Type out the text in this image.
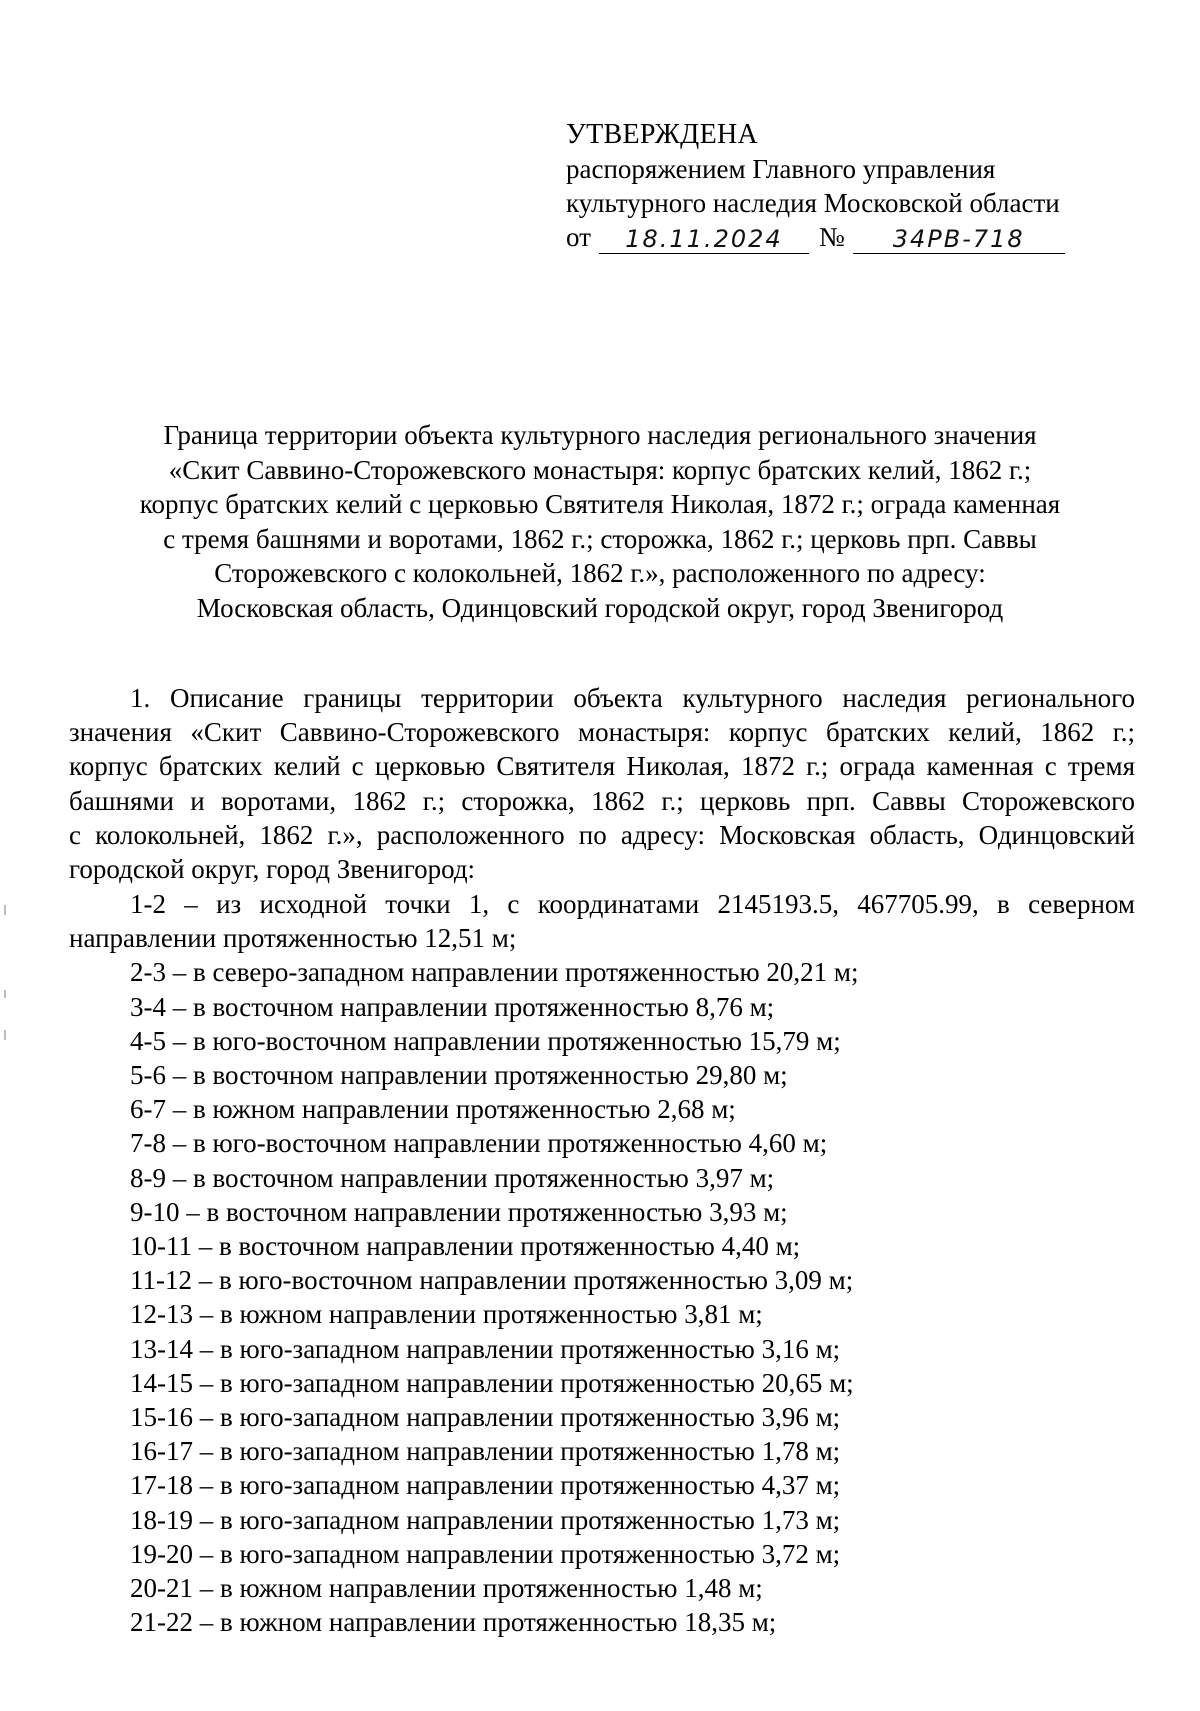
УТВЕРЖДЕНА
распоряжением Главного управления
культурного наследия Московской области
от	18.11.2024	№	34РВ-718
Граница территории объекта культурного наследия регионального значения
«Скит Саввино-Сторожевского монастыря: корпус братских келий, 1862 г.;
корпус братских келий с церковью Святителя Николая, 1872 г.; ограда каменная
с тремя башнями и воротами, 1862 г.; сторожка, 1862 г.; церковь прп. Саввы
Сторожевского с колокольней, 1862 г.», расположенного по адресу:
Московская область, Одинцовский городской округ, город Звенигород
1. Описание границы территории объекта культурного наследия регионального
значения «Скит Саввино-Сторожевского монастыря: корпус братских келий, 1862 г.;
корпус братских келий с церковью Святителя Николая, 1872 г.; ограда каменная с тремя
башнями и воротами, 1862 г.; сторожка, 1862 г.; церковь прп. Саввы Сторожевского
с колокольней, 1862 г.», расположенного по адресу: Московская область, Одинцовский
городской округ, город Звенигород:
1-2 – из исходной точки 1, с координатами 2145193.5, 467705.99, в северном
направлении протяженностью 12,51 м;
2-3 – в северо-западном направлении протяженностью 20,21 м;
3-4 – в восточном направлении протяженностью 8,76 м;
4-5 – в юго-восточном направлении протяженностью 15,79 м;
5-6 – в восточном направлении протяженностью 29,80 м;
6-7 – в южном направлении протяженностью 2,68 м;
7-8 – в юго-восточном направлении протяженностью 4,60 м;
8-9 – в восточном направлении протяженностью 3,97 м;
9-10 – в восточном направлении протяженностью 3,93 м;
10-11 – в восточном направлении протяженностью 4,40 м;
11-12 – в юго-восточном направлении протяженностью 3,09 м;
12-13 – в южном направлении протяженностью 3,81 м;
13-14 – в юго-западном направлении протяженностью 3,16 м;
14-15 – в юго-западном направлении протяженностью 20,65 м;
15-16 – в юго-западном направлении протяженностью 3,96 м;
16-17 – в юго-западном направлении протяженностью 1,78 м;
17-18 – в юго-западном направлении протяженностью 4,37 м;
18-19 – в юго-западном направлении протяженностью 1,73 м;
19-20 – в юго-западном направлении протяженностью 3,72 м;
20-21 – в южном направлении протяженностью 1,48 м;
21-22 – в южном направлении протяженностью 18,35 м;
